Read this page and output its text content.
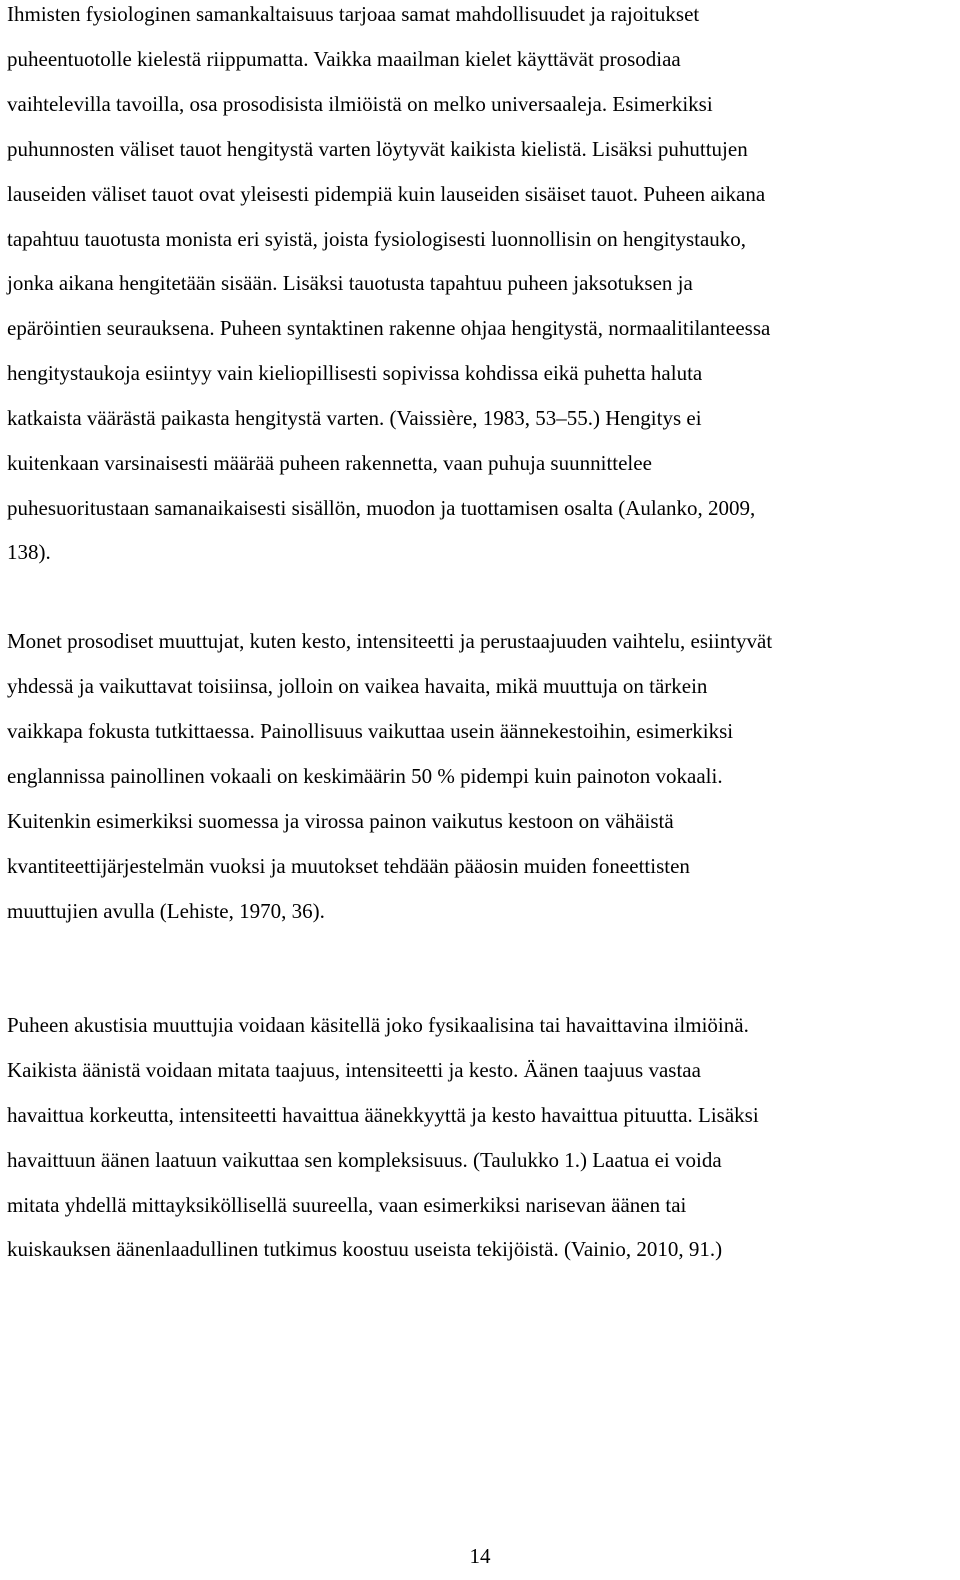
Ihmisten fysiologinen samankaltaisuus tarjoaa samat mahdollisuudet ja rajoitukset
puheentuotolle kielestä riippumatta. Vaikka maailman kielet käyttävät prosodiaa
vaihtelevilla tavoilla, osa prosodisista ilmiöistä on melko universaaleja. Esimerkiksi
puhunnosten väliset tauot hengitystä varten löytyvät kaikista kielistä. Lisäksi puhuttujen
lauseiden väliset tauot ovat yleisesti pidempiä kuin lauseiden sisäiset tauot. Puheen aikana
tapahtuu tauotusta monista eri syistä, joista fysiologisesti luonnollisin on hengitystauko,
jonka aikana hengitetään sisään. Lisäksi tauotusta tapahtuu puheen jaksotuksen ja
epäröintien seurauksena. Puheen syntaktinen rakenne ohjaa hengitystä, normaalitilanteessa
hengitystaukoja esiintyy vain kieliopillisesti sopivissa kohdissa eikä puhetta haluta
katkaista väärästä paikasta hengitystä varten. (Vaissière, 1983, 53–55.) Hengitys ei
kuitenkaan varsinaisesti määrää puheen rakennetta, vaan puhuja suunnittelee
puhesuoritustaan samanaikaisesti sisällön, muodon ja tuottamisen osalta (Aulanko, 2009,
138).
Monet prosodiset muuttujat, kuten kesto, intensiteetti ja perustaajuuden vaihtelu, esiintyvät
yhdessä ja vaikuttavat toisiinsa, jolloin on vaikea havaita, mikä muuttuja on tärkein
vaikkapa fokusta tutkittaessa. Painollisuus vaikuttaa usein äännekestoihin, esimerkiksi
englannissa painollinen vokaali on keskimäärin 50 % pidempi kuin painoton vokaali.
Kuitenkin esimerkiksi suomessa ja virossa painon vaikutus kestoon on vähäistä
kvantiteettijärjestelmän vuoksi ja muutokset tehdään pääosin muiden foneettisten
muuttujien avulla (Lehiste, 1970, 36).
Puheen akustisia muuttujia voidaan käsitellä joko fysikaalisina tai havaittavina ilmiöinä.
Kaikista äänistä voidaan mitata taajuus, intensiteetti ja kesto. Äänen taajuus vastaa
havaittua korkeutta, intensiteetti havaittua äänekkyyttä ja kesto havaittua pituutta. Lisäksi
havaittuun äänen laatuun vaikuttaa sen kompleksisuus. (Taulukko 1.) Laatua ei voida
mitata yhdellä mittayksiköllisellä suureella, vaan esimerkiksi narisevan äänen tai
kuiskauksen äänenlaadullinen tutkimus koostuu useista tekijöistä. (Vainio, 2010, 91.)
14
